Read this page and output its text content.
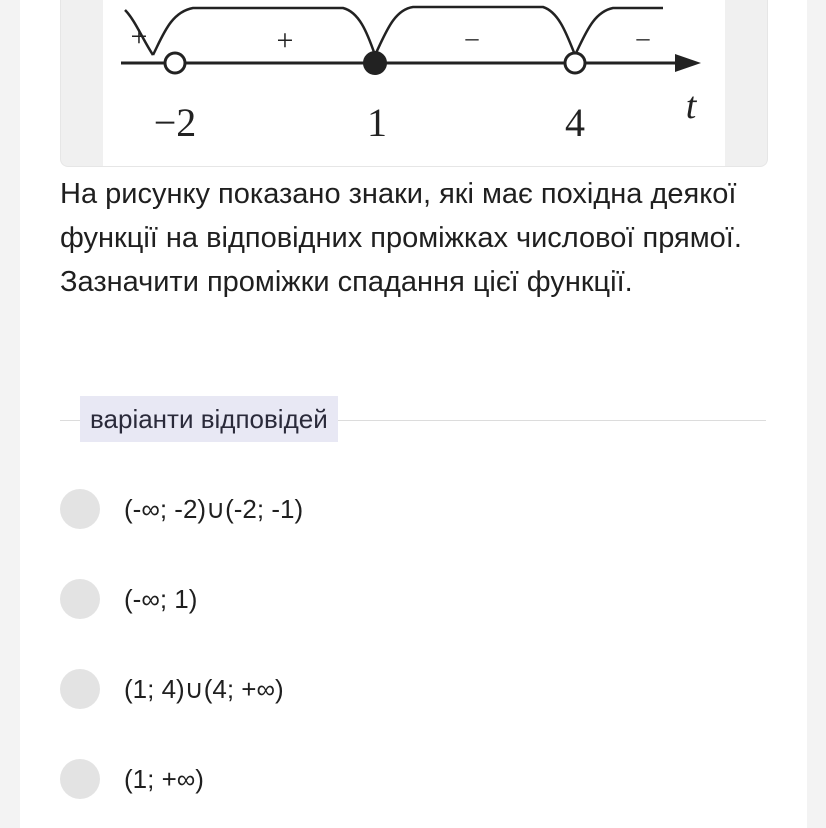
+	+	–	–
−2	1	4	t

На рисунку показано знаки, які має похідна деякої функції на відповідних проміжках числової прямої. Зазначити проміжки спадання цієї функції.

варіанти відповідей
(-∞; -2)∪(-2; -1)
(-∞; 1)
(1; 4)∪(4; +∞)
(1; +∞)
